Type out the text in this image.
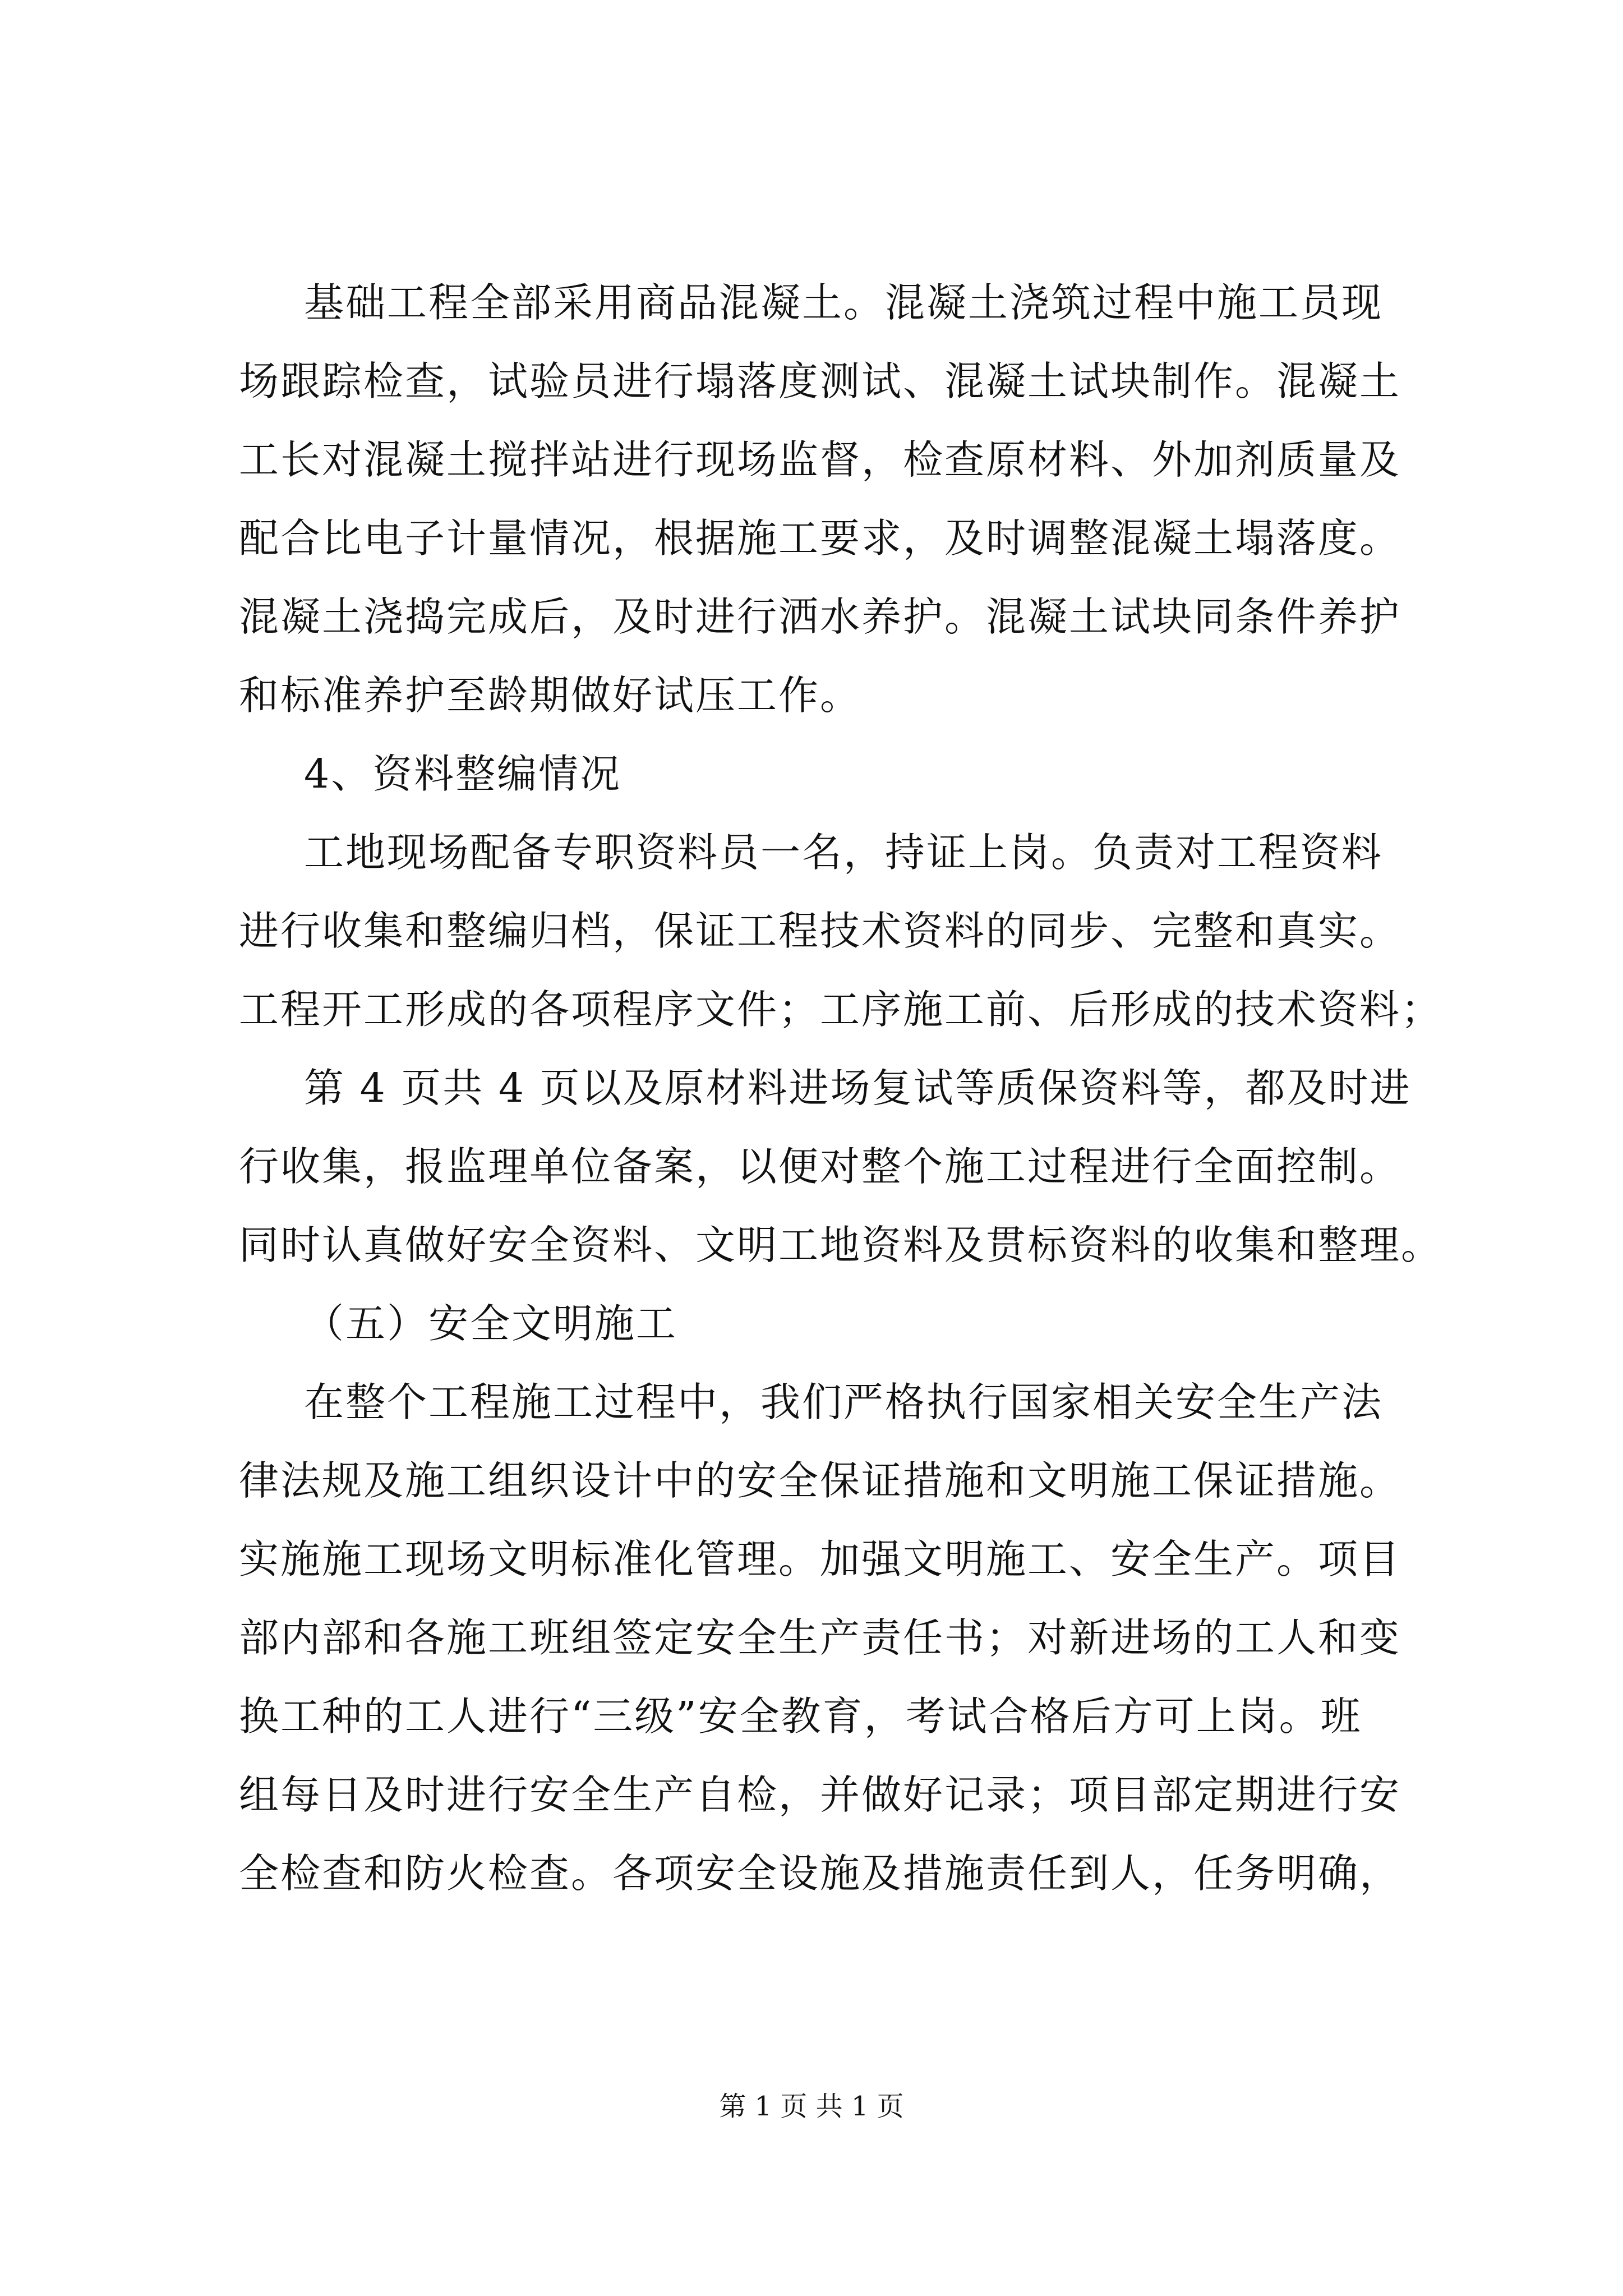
基础工程全部采用商品混凝土。混凝土浇筑过程中施工员现
场跟踪检查，试验员进行塌落度测试、混凝土试块制作。混凝土
工长对混凝土搅拌站进行现场监督，检查原材料、外加剂质量及
配合比电子计量情况，根据施工要求，及时调整混凝土塌落度。
混凝土浇捣完成后，及时进行洒水养护。混凝土试块同条件养护
和标准养护至龄期做好试压工作。
4、资料整编情况
工地现场配备专职资料员一名，持证上岗。负责对工程资料
进行收集和整编归档，保证工程技术资料的同步、完整和真实。
工程开工形成的各项程序文件；工序施工前、后形成的技术资料；
第 4 页共 4 页以及原材料进场复试等质保资料等，都及时进
行收集，报监理单位备案，以便对整个施工过程进行全面控制。
同时认真做好安全资料、文明工地资料及贯标资料的收集和整理。
（五）安全文明施工
在整个工程施工过程中，我们严格执行国家相关安全生产法
律法规及施工组织设计中的安全保证措施和文明施工保证措施。
实施施工现场文明标准化管理。加强文明施工、安全生产。项目
部内部和各施工班组签定安全生产责任书；对新进场的工人和变
换工种的工人进行“三级”安全教育，考试合格后方可上岗。班
组每日及时进行安全生产自检，并做好记录；项目部定期进行安
全检查和防火检查。各项安全设施及措施责任到人，任务明确，
第 1 页 共 1 页
